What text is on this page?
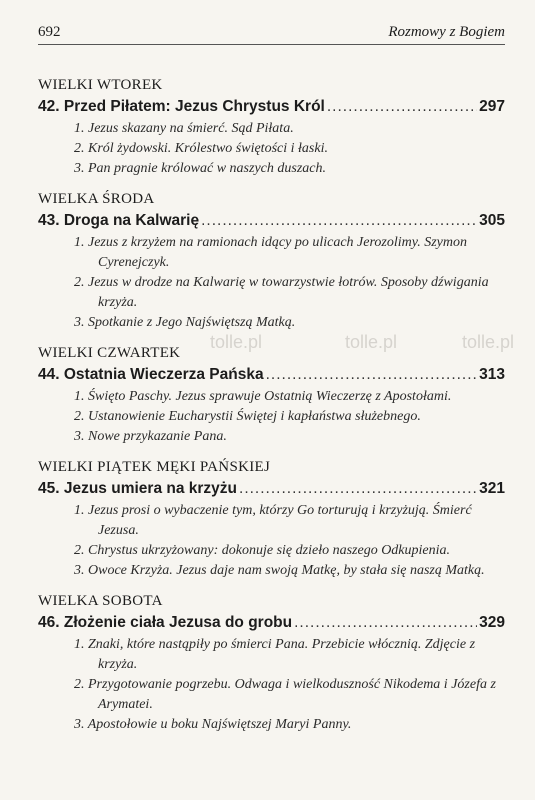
692	Rozmowy z Bogiem
tolle.pl	tolle.pl	tolle.pl
WIELKI WTOREK
42. Przed Piłatem: Jezus Chrystus Król .....	297
1. Jezus skazany na śmierć. Sąd Piłata.
2. Król żydowski. Królestwo świętości i łaski.
3. Pan pragnie królować w naszych duszach.
WIELKA ŚRODA
43. Droga na Kalwarię .....	305
1. Jezus z krzyżem na ramionach idący po ulicach Jerozolimy. Szymon Cyrenejczyk.
2. Jezus w drodze na Kalwarię w towarzystwie łotrów. Sposoby dźwigania krzyża.
3. Spotkanie z Jego Najświętszą Matką.
WIELKI CZWARTEK
44. Ostatnia Wieczerza Pańska .....	313
1. Święto Paschy. Jezus sprawuje Ostatnią Wieczerzę z Apostołami.
2. Ustanowienie Eucharystii Świętej i kapłaństwa służebnego.
3. Nowe przykazanie Pana.
WIELKI PIĄTEK MĘKI PAŃSKIEJ
45. Jezus umiera na krzyżu .....	321
1. Jezus prosi o wybaczenie tym, którzy Go torturują i krzyżują. Śmierć Jezusa.
2. Chrystus ukrzyżowany: dokonuje się dzieło naszego Odkupienia.
3. Owoce Krzyża. Jezus daje nam swoją Matkę, by stała się naszą Matką.
WIELKA SOBOTA
46. Złożenie ciała Jezusa do grobu .....	329
1. Znaki, które nastąpiły po śmierci Pana. Przebicie włócznią. Zdjęcie z krzyża.
2. Przygotowanie pogrzebu. Odwaga i wielkoduszność Nikodema i Józefa z Arymatei.
3. Apostołowie u boku Najświętszej Maryi Panny.
